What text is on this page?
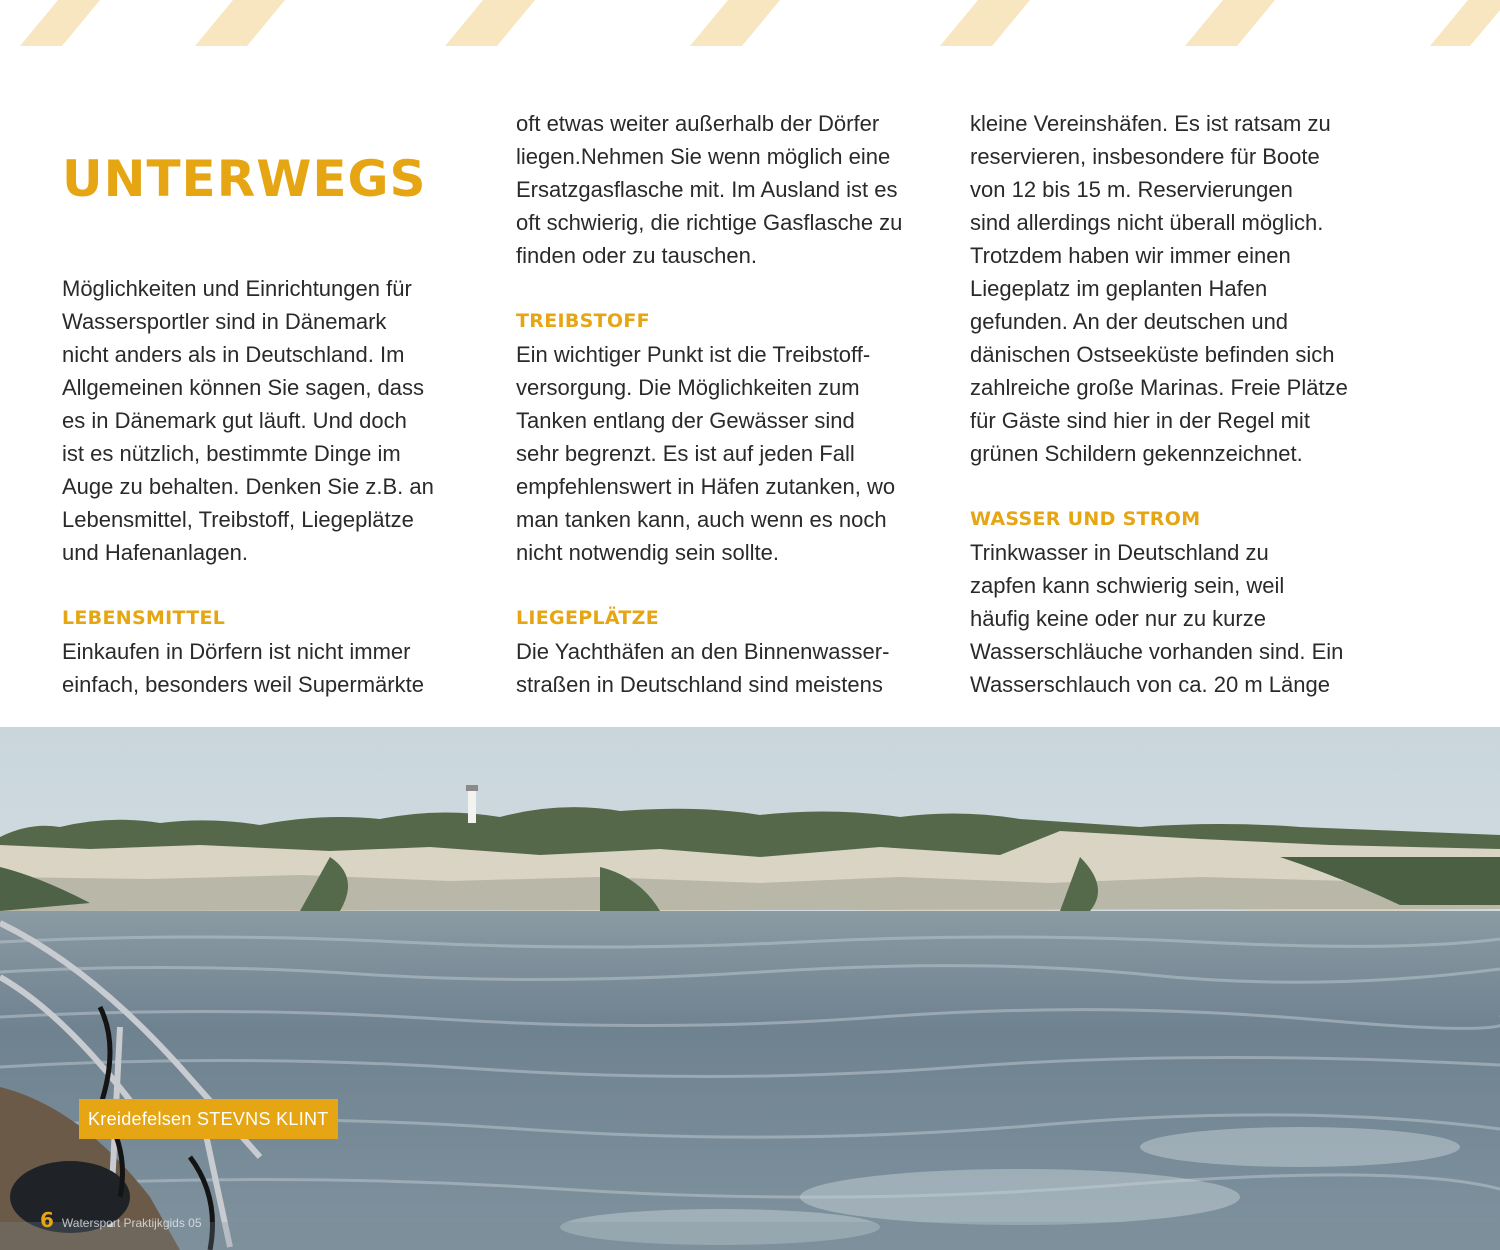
UNTERWEGS
Möglichkeiten und Einrichtungen für
Wassersportler sind in Dänemark
nicht anders als in Deutschland. Im
Allgemeinen können Sie sagen, dass
es in Dänemark gut läuft. Und doch
ist es nützlich, bestimmte Dinge im
Auge zu behalten. Denken Sie z.B. an
Lebensmittel, Treibstoff, Liegeplätze
und Hafenanlagen.
LEBENSMITTEL
Einkaufen in Dörfern ist nicht immer
einfach, besonders weil Supermärkte
oft etwas weiter außerhalb der Dörfer
liegen.Nehmen Sie wenn möglich eine
Ersatzgasflasche mit. Im Ausland ist es
oft schwierig, die richtige Gasflasche zu
finden oder zu tauschen.
TREIBSTOFF
Ein wichtiger Punkt ist die Treibstoff-
versorgung. Die Möglichkeiten zum
Tanken entlang der Gewässer sind
sehr begrenzt. Es ist auf jeden Fall
empfehlenswert in Häfen zutanken, wo
man tanken kann, auch wenn es noch
nicht notwendig sein sollte.
LIEGEPLÄTZE
Die Yachthäfen an den Binnenwasser-
straßen in Deutschland sind meistens
kleine Vereinshäfen. Es ist ratsam zu
reservieren, insbesondere für Boote
von 12 bis 15 m. Reservierungen
sind allerdings nicht überall möglich.
Trotzdem haben wir immer einen
Liegeplatz im geplanten Hafen
gefunden. An der deutschen und
dänischen Ostseeküste befinden sich
zahlreiche große Marinas. Freie Plätze
für Gäste sind hier in der Regel mit
grünen Schildern gekennzeichnet.
WASSER UND STROM
Trinkwasser in Deutschland zu
zapfen kann schwierig sein, weil
häufig keine oder nur zu kurze
Wasserschläuche vorhanden sind. Ein
Wasserschlauch von ca. 20 m Länge
Kreidefelsen STEVNS KLINT
6 Watersport Praktijkgids 05
